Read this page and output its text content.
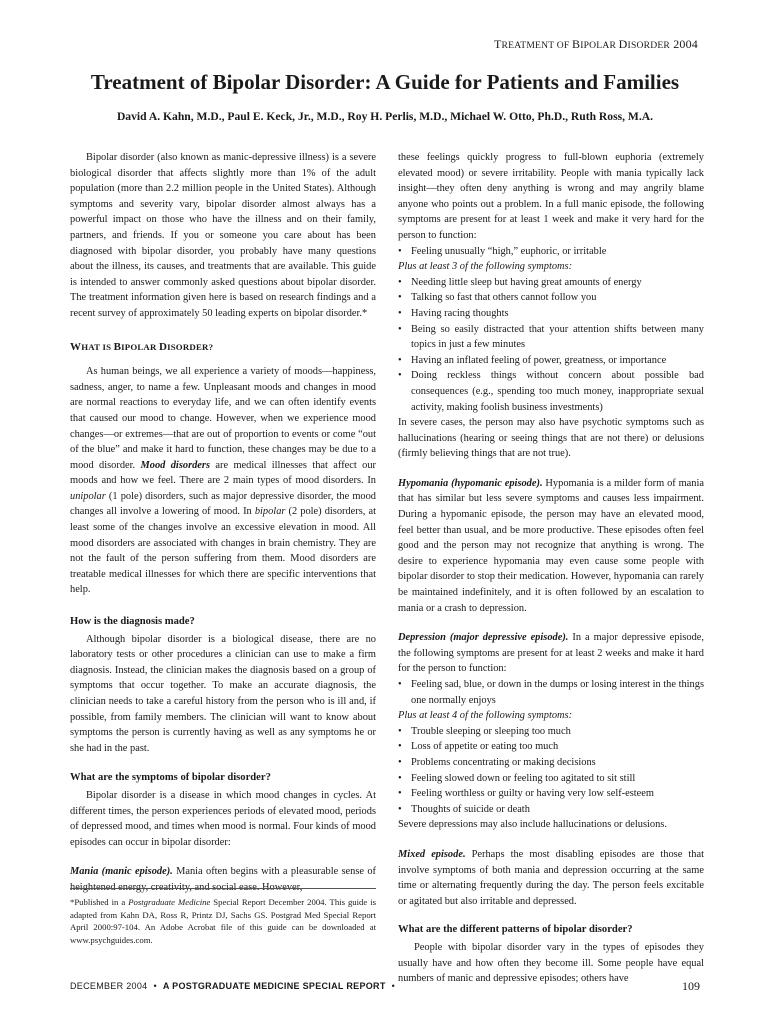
TREATMENT OF BIPOLAR DISORDER 2004
Treatment of Bipolar Disorder: A Guide for Patients and Families
David A. Kahn, M.D., Paul E. Keck, Jr., M.D., Roy H. Perlis, M.D., Michael W. Otto, Ph.D., Ruth Ross, M.A.

Bipolar disorder (also known as manic-depressive illness) is a severe biological disorder that affects slightly more than 1% of the adult population (more than 2.2 million people in the United States). Although symptoms and severity vary, bipolar disorder almost always has a powerful impact on those who have the illness and on their family, partners, and friends. If you or someone you care about has been diagnosed with bipolar disorder, you probably have many questions about the illness, its causes, and treatments that are available. This guide is intended to answer commonly asked questions about bipolar disorder. The treatment information given here is based on research findings and a recent survey of approximately 50 leading experts on bipolar disorder.*

WHAT IS BIPOLAR DISORDER?

As human beings, we all experience a variety of moods—happiness, sadness, anger, to name a few. Unpleasant moods and changes in mood are normal reactions to everyday life, and we can often identify events that caused our mood to change. However, when we experience mood changes—or extremes—that are out of proportion to events or come “out of the blue” and make it hard to function, these changes may be due to a mood disorder. Mood disorders are medical illnesses that affect our moods and how we feel. There are 2 main types of mood disorders. In unipolar (1 pole) disorders, such as major depressive disorder, the mood changes all involve a lowering of mood. In bipolar (2 pole) disorders, at least some of the changes involve an excessive elevation in mood. All mood disorders are associated with changes in brain chemistry. They are not the fault of the person suffering from them. Mood disorders are treatable medical illnesses for which there are specific interventions that help.

How is the diagnosis made?

Although bipolar disorder is a biological disease, there are no laboratory tests or other procedures a clinician can use to make a firm diagnosis. Instead, the clinician makes the diagnosis based on a group of symptoms that occur together. To make an accurate diagnosis, the clinician needs to take a careful history from the person who is ill and, if possible, from family members. The clinician will want to know about symptoms the person is currently having as well as any symptoms he or she had in the past.

What are the symptoms of bipolar disorder?

Bipolar disorder is a disease in which mood changes in cycles. At different times, the person experiences periods of elevated mood, periods of depressed mood, and times when mood is normal. Four kinds of mood episodes can occur in bipolar disorder:

Mania (manic episode). Mania often begins with a pleasurable sense of heightened energy, creativity, and social ease. However,

these feelings quickly progress to full-blown euphoria (extremely elevated mood) or severe irritability. People with mania typically lack insight—they often deny anything is wrong and may angrily blame anyone who points out a problem. In a full manic episode, the following symptoms are present for at least 1 week and make it very hard for the person to function:

• Feeling unusually “high,” euphoric, or irritable

Plus at least 3 of the following symptoms:

• Needing little sleep but having great amounts of energy
• Talking so fast that others cannot follow you
• Having racing thoughts
• Being so easily distracted that your attention shifts between many topics in just a few minutes
• Having an inflated feeling of power, greatness, or importance
• Doing reckless things without concern about possible bad consequences (e.g., spending too much money, inappropriate sexual activity, making foolish business investments)

In severe cases, the person may also have psychotic symptoms such as hallucinations (hearing or seeing things that are not there) or delusions (firmly believing things that are not true).

Hypomania (hypomanic episode). Hypomania is a milder form of mania that has similar but less severe symptoms and causes less impairment. During a hypomanic episode, the person may have an elevated mood, feel better than usual, and be more productive. These episodes often feel good and the person may not recognize that anything is wrong. The desire to experience hypomania may even cause some people with bipolar disorder to stop their medication. However, hypomania can rarely be maintained indefinitely, and it is often followed by an escalation to mania or a crash to depression.

Depression (major depressive episode). In a major depressive episode, the following symptoms are present for at least 2 weeks and make it hard for the person to function:

• Feeling sad, blue, or down in the dumps or losing interest in the things one normally enjoys

Plus at least 4 of the following symptoms:

• Trouble sleeping or sleeping too much
• Loss of appetite or eating too much
• Problems concentrating or making decisions
• Feeling slowed down or feeling too agitated to sit still
• Feeling worthless or guilty or having very low self-esteem
• Thoughts of suicide or death

Severe depressions may also include hallucinations or delusions.

Mixed episode. Perhaps the most disabling episodes are those that involve symptoms of both mania and depression occurring at the same time or alternating frequently during the day. The person feels excitable or agitated but also irritable and depressed.

What are the different patterns of bipolar disorder?

People with bipolar disorder vary in the types of episodes they usually have and how often they become ill. Some people have equal numbers of manic and depressive episodes; others have

*Published in a Postgraduate Medicine Special Report December 2004. This guide is adapted from Kahn DA, Ross R, Printz DJ, Sachs GS. Postgrad Med Special Report April 2000:97-104. An Adobe Acrobat file of this guide can be downloaded at www.psychguides.com.

DECEMBER 2004 • A POSTGRADUATE MEDICINE SPECIAL REPORT •	109
